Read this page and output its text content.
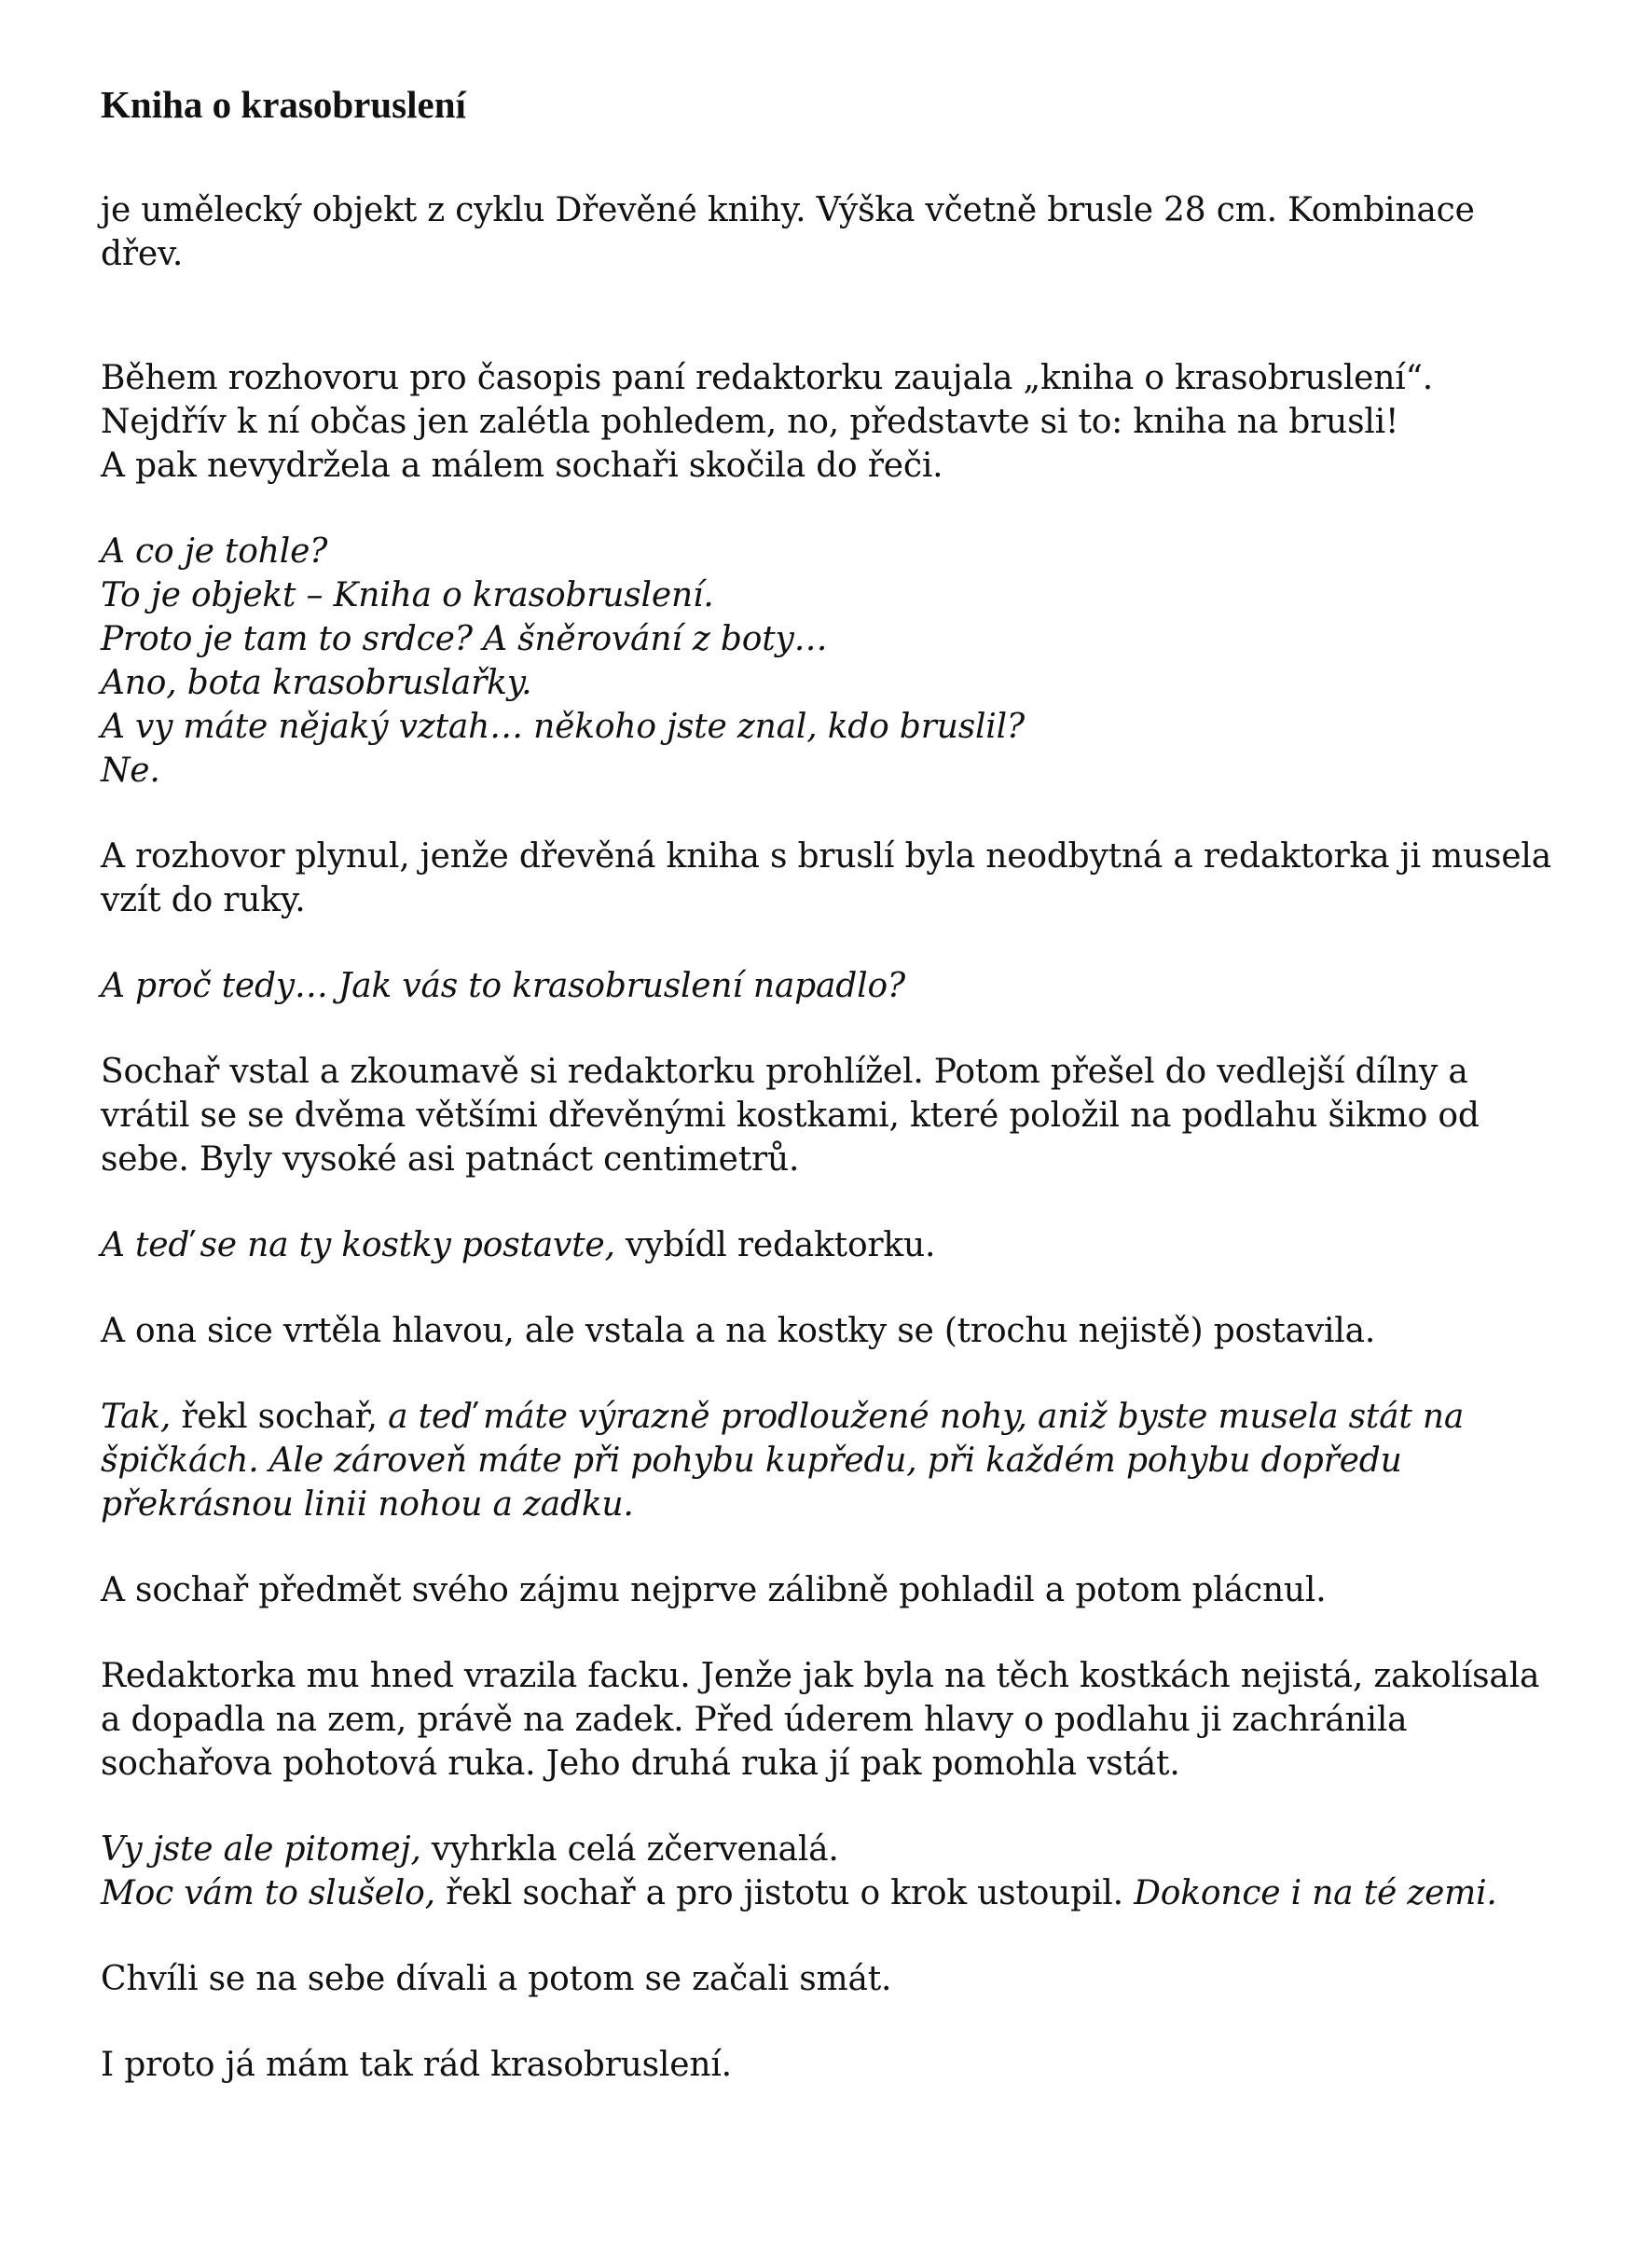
Kniha o krasobruslení

je umělecký objekt z cyklu Dřevěné knihy. Výška včetně brusle 28 cm. Kombinace
dřev.

Během rozhovoru pro časopis paní redaktorku zaujala „kniha o krasobruslení“.
Nejdřív k ní občas jen zalétla pohledem, no, představte si to: kniha na brusli!
A pak nevydržela a málem sochaři skočila do řeči.

A co je tohle?
To je objekt – Kniha o krasobruslení.
Proto je tam to srdce? A šněrování z boty…
Ano, bota krasobruslařky.
A vy máte nějaký vztah… někoho jste znal, kdo bruslil?
Ne.

A rozhovor plynul, jenže dřevěná kniha s bruslí byla neodbytná a redaktorka ji musela
vzít do ruky.

A proč tedy… Jak vás to krasobruslení napadlo?

Sochař vstal a zkoumavě si redaktorku prohlížel. Potom přešel do vedlejší dílny a
vrátil se se dvěma většími dřevěnými kostkami, které položil na podlahu šikmo od
sebe. Byly vysoké asi patnáct centimetrů.

A teď se na ty kostky postavte, vybídl redaktorku.

A ona sice vrtěla hlavou, ale vstala a na kostky se (trochu nejistě) postavila.

Tak, řekl sochař, a teď máte výrazně prodloužené nohy, aniž byste musela stát na
špičkách. Ale zároveň máte při pohybu kupředu, při každém pohybu dopředu
překrásnou linii nohou a zadku.

A sochař předmět svého zájmu nejprve zálibně pohladil a potom plácnul.

Redaktorka mu hned vrazila facku. Jenže jak byla na těch kostkách nejistá, zakolísala
a dopadla na zem, právě na zadek. Před úderem hlavy o podlahu ji zachránila
sochařova pohotová ruka. Jeho druhá ruka jí pak pomohla vstát.

Vy jste ale pitomej, vyhrkla celá zčervenalá.
Moc vám to slušelo, řekl sochař a pro jistotu o krok ustoupil. Dokonce i na té zemi.

Chvíli se na sebe dívali a potom se začali smát.

I proto já mám tak rád krasobruslení.
